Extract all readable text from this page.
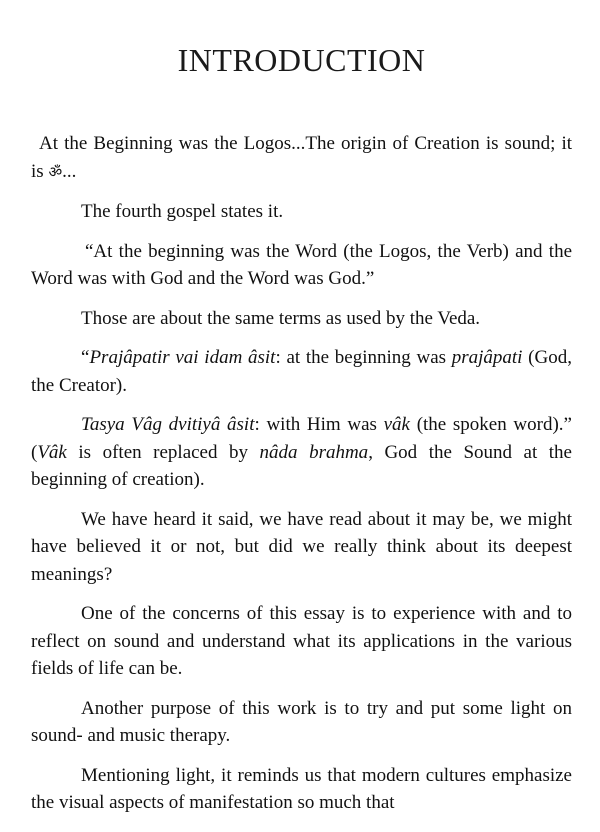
INTRODUCTION

At the Beginning was the Logos...The origin of Creation is sound; it is ॐ...

The fourth gospel states it.

“At the beginning was the Word (the Logos, the Verb) and the Word was with God and the Word was God.”

Those are about the same terms as used by the Veda.

“Prajâpatir vai idam âsit: at the beginning was prajâpati (God, the Creator).

Tasya Vâg dvitiyâ âsit: with Him was vâk (the spoken word).” (Vâk is often replaced by nâda brahma, God the Sound at the beginning of creation).

We have heard it said, we have read about it may be, we might have believed it or not, but did we really think about its deepest meanings?

One of the concerns of this essay is to experience with and to reflect on sound and understand what its applications in the various fields of life can be.

Another purpose of this work is to try and put some light on sound- and music therapy.

Mentioning light, it reminds us that modern cultures emphasize the visual aspects of manifestation so much that
